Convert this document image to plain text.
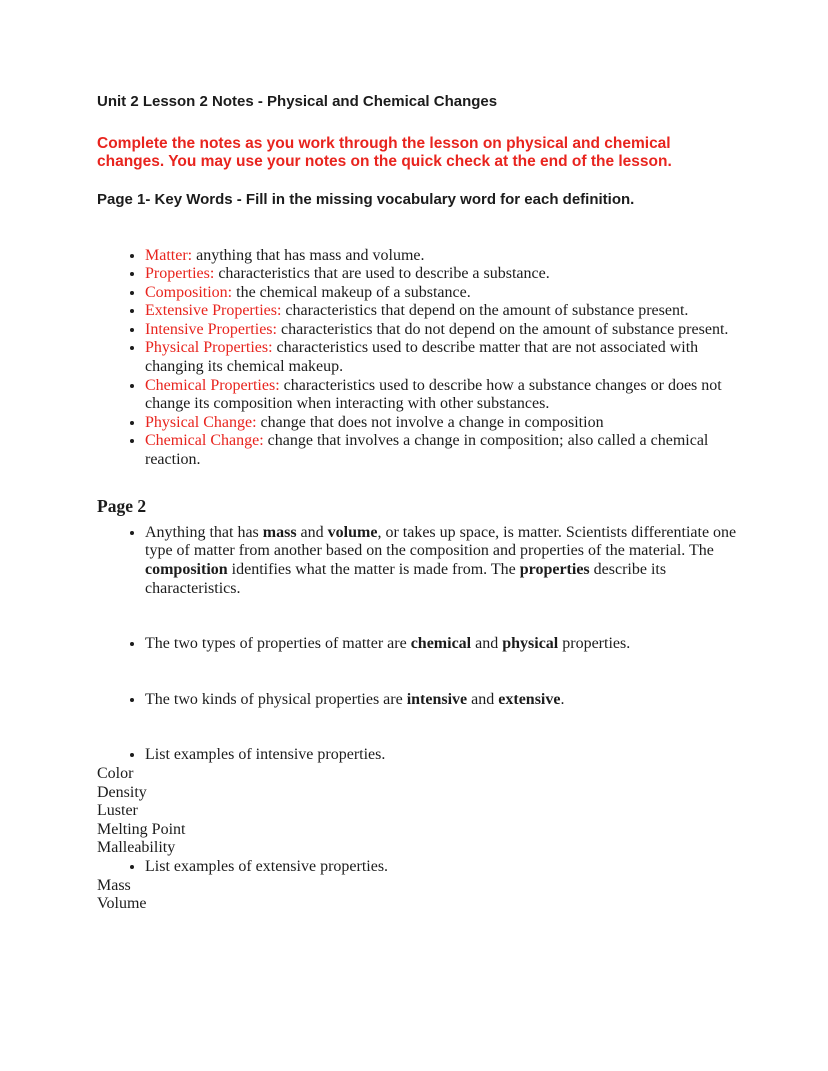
Unit 2 Lesson 2 Notes - Physical and Chemical Changes

Complete the notes as you work through the lesson on physical and chemical changes. You may use your notes on the quick check at the end of the lesson.

Page 1- Key Words - Fill in the missing vocabulary word for each definition.
• Matter: anything that has mass and volume.
• Properties: characteristics that are used to describe a substance.
• Composition: the chemical makeup of a substance.
• Extensive Properties: characteristics that depend on the amount of substance present.
• Intensive Properties: characteristics that do not depend on the amount of substance present.
• Physical Properties: characteristics used to describe matter that are not associated with changing its chemical makeup.
• Chemical Properties: characteristics used to describe how a substance changes or does not change its composition when interacting with other substances.
• Physical Change: change that does not involve a change in composition
• Chemical Change: change that involves a change in composition; also called a chemical reaction.
Page 2
• Anything that has mass and volume, or takes up space, is matter. Scientists differentiate one type of matter from another based on the composition and properties of the material. The composition identifies what the matter is made from. The properties describe its characteristics.
• The two types of properties of matter are chemical and physical properties.
• The two kinds of physical properties are intensive and extensive.
• List examples of intensive properties.
Color
Density
Luster
Melting Point
Malleability
• List examples of extensive properties.
Mass
Volume
